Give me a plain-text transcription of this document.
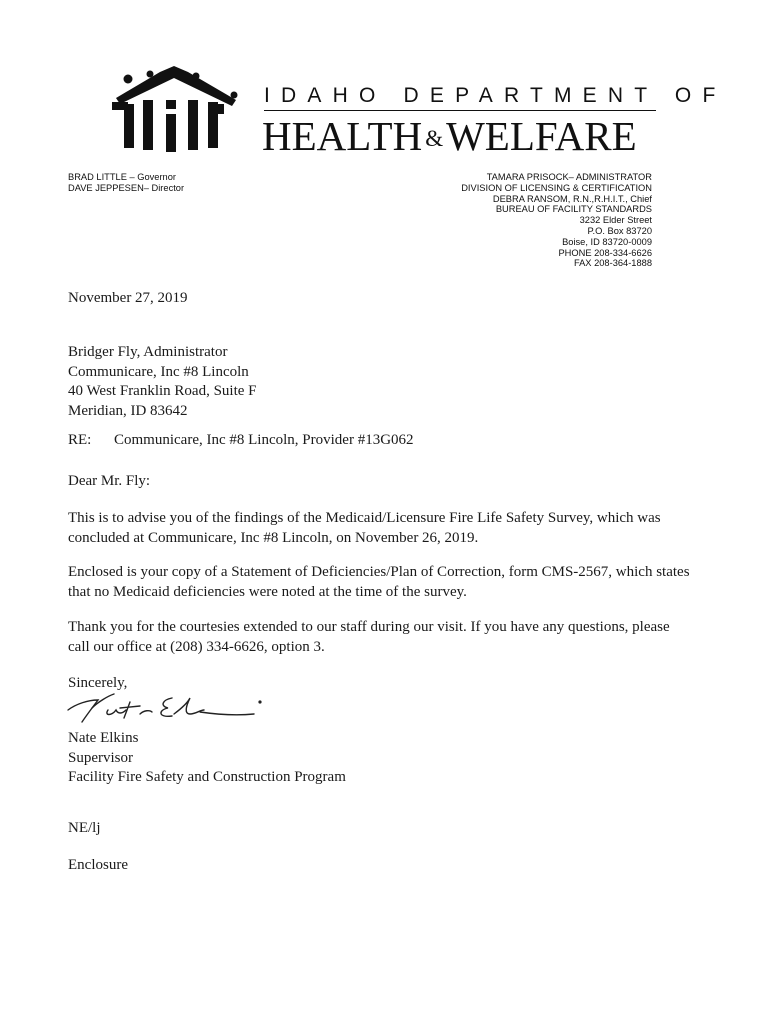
IDAHO DEPARTMENT OF
HEALTH &WELFARE
BRAD LITTLE – Governor
DAVE JEPPESEN– Director
TAMARA PRISOCK– ADMINISTRATOR
DIVISION OF LICENSING & CERTIFICATION
DEBRA RANSOM, R.N.,R.H.I.T., Chief
BUREAU OF FACILITY STANDARDS
3232 Elder Street
P.O. Box 83720
Boise, ID 83720-0009
PHONE 208-334-6626
FAX 208-364-1888
November 27, 2019
Bridger Fly, Administrator
Communicare, Inc #8 Lincoln
40 West Franklin Road, Suite F
Meridian, ID 83642
RE: Communicare, Inc #8 Lincoln, Provider #13G062
Dear Mr. Fly:
This is to advise you of the findings of the Medicaid/Licensure Fire Life Safety Survey, which was
concluded at Communicare, Inc #8 Lincoln, on November 26, 2019.
Enclosed is your copy of a Statement of Deficiencies/Plan of Correction, form CMS-2567, which states
that no Medicaid deficiencies were noted at the time of the survey.
Thank you for the courtesies extended to our staff during our visit. If you have any questions, please
call our office at (208) 334-6626, option 3.
Sincerely,
Nate Elkins
Supervisor
Facility Fire Safety and Construction Program
NE/lj
Enclosure
